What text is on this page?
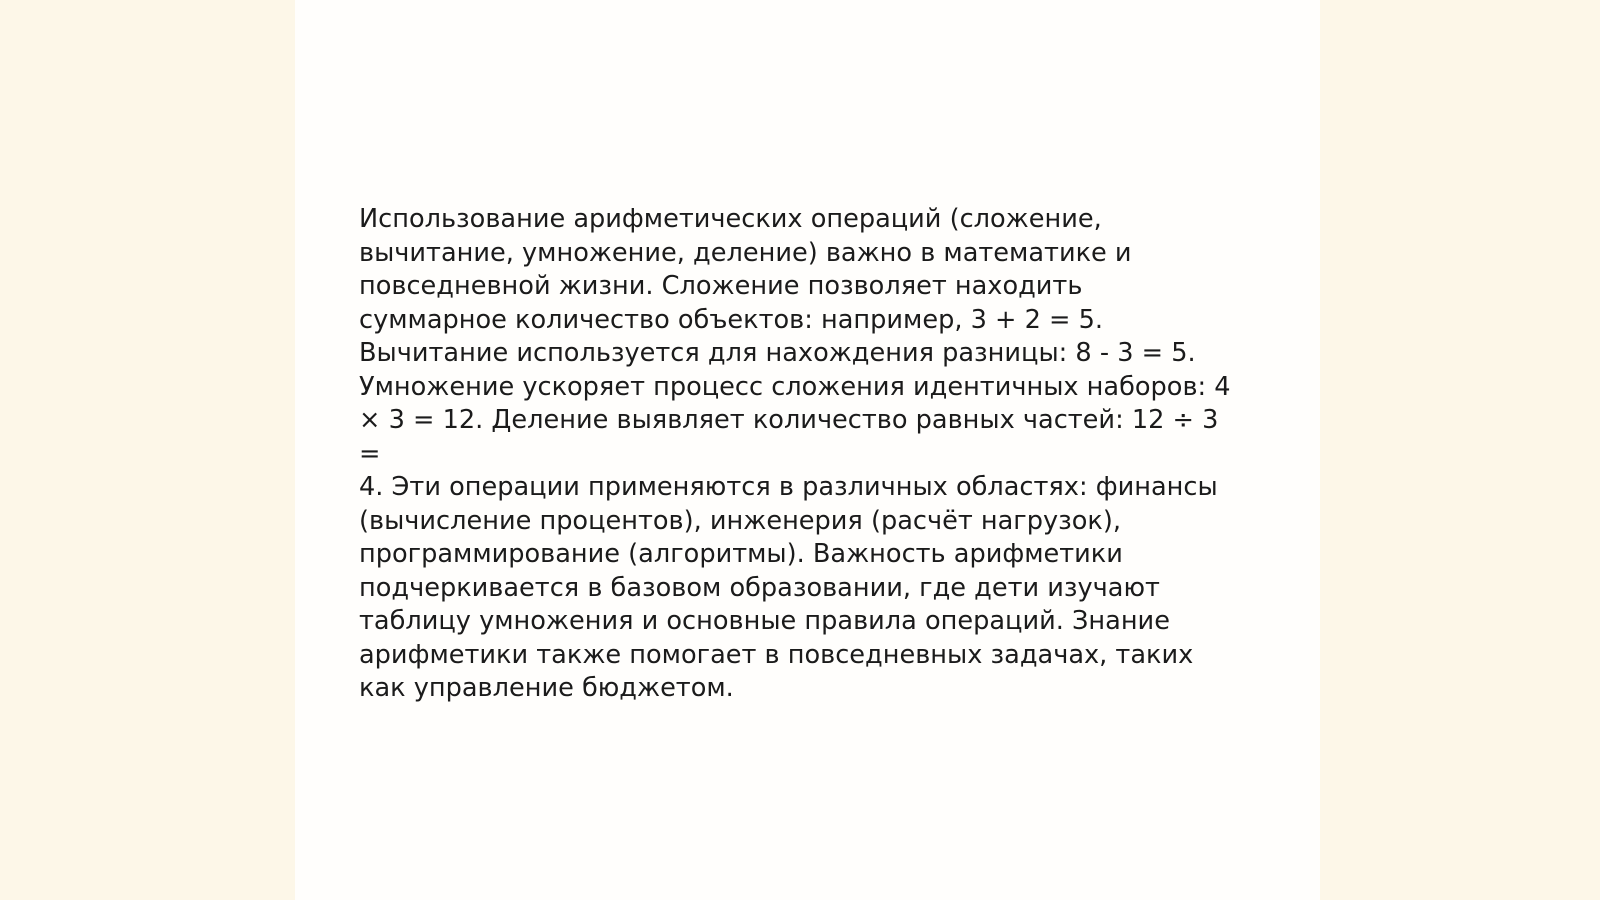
Использование арифметических операций (сложение,
вычитание, умножение, деление) важно в математике и
повседневной жизни. Сложение позволяет находить
суммарное количество объектов: например, 3 + 2 = 5.
Вычитание используется для нахождения разницы: 8 - 3 = 5.
Умножение ускоряет процесс сложения идентичных наборов: 4
× 3 = 12. Деление выявляет количество равных частей: 12 ÷ 3 =
4. Эти операции применяются в различных областях: финансы
(вычисление процентов), инженерия (расчёт нагрузок),
программирование (алгоритмы). Важность арифметики
подчеркивается в базовом образовании, где дети изучают
таблицу умножения и основные правила операций. Знание
арифметики также помогает в повседневных задачах, таких
как управление бюджетом.
